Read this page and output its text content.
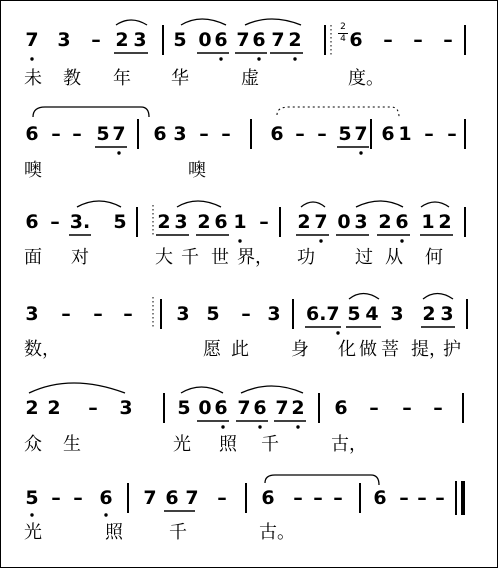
7 3 – 2 3 5 0 6 7 6 7 2	6 – – –
2
4
未 教 年 华	虚	度。
6 – – 5 7 6 3 – – 6 – – 5 7 6 1 – –
噢	噢
6 – 3. 5 2 3 2 6 1 – 2 7 0 3 2 6 1 2
面 对	大 千 世 界， 功 过 从 何
3 – – – 3 5 – 3 6. 7 5 4 3 2 3
数，	愿 此 身 化 做 菩 提，
护
2 2 – 3 5 0 6 7 6 7 2 6 – – –
众 生	光 照 千	古，
5 – – 6 7 6 7 – 6 – – – 6 – – –
光	照	千	古。
